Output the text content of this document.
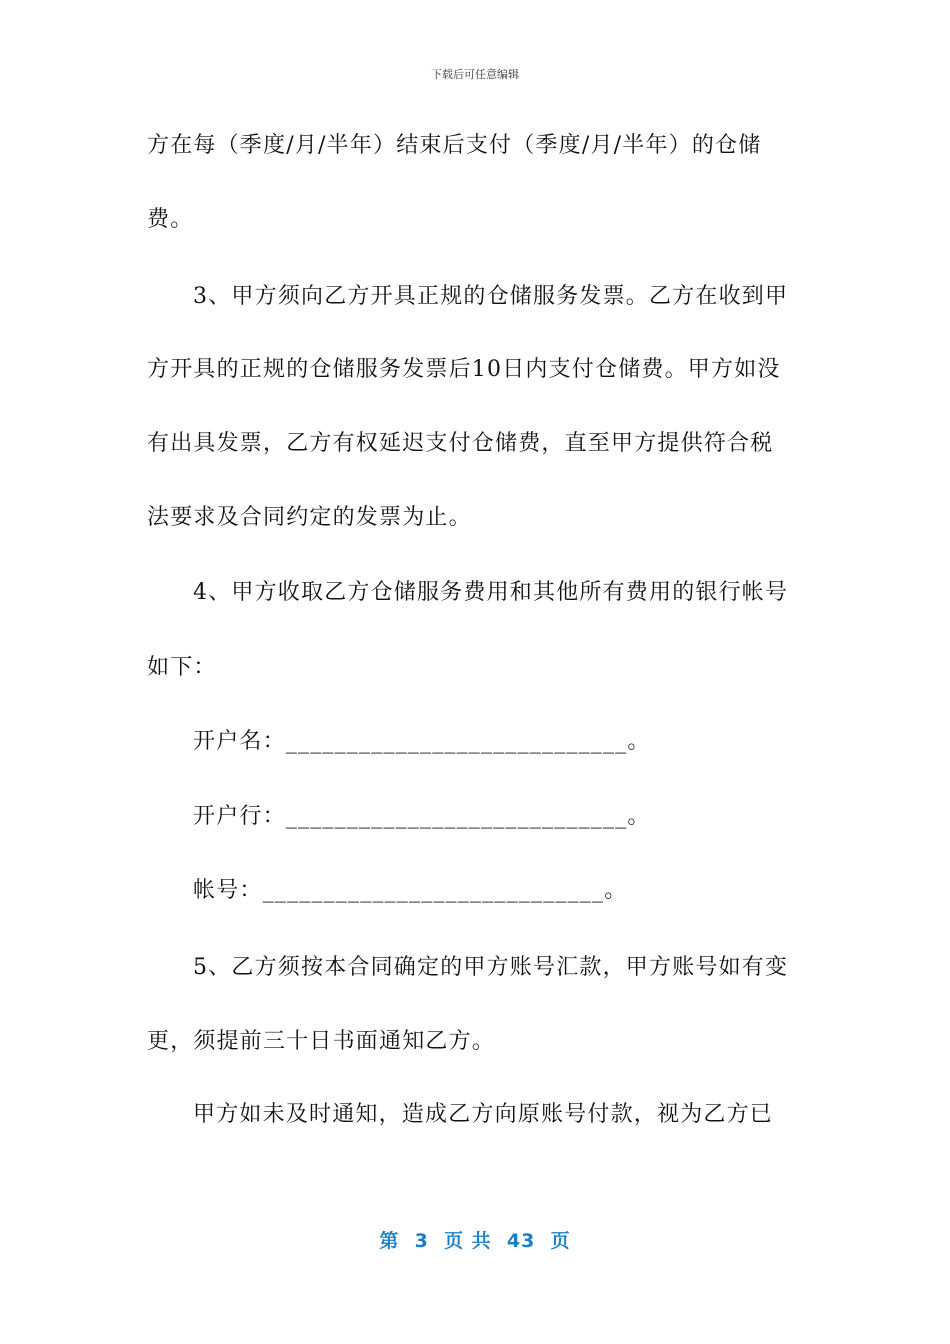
下载后可任意编辑
方在每（季度/月/半年）结束后支付（季度/月/半年）的仓储
费。
3、甲方须向乙方开具正规的仓储服务发票。乙方在收到甲
方开具的正规的仓储服务发票后10日内支付仓储费。甲方如没
有出具发票，乙方有权延迟支付仓储费，直至甲方提供符合税
法要求及合同约定的发票为止。
4、甲方收取乙方仓储服务费用和其他所有费用的银行帐号
如下：
开户名：____________________________。
开户行：____________________________。
帐号：____________________________。
5、乙方须按本合同确定的甲方账号汇款，甲方账号如有变
更，须提前三十日书面通知乙方。
甲方如未及时通知，造成乙方向原账号付款，视为乙方已
第  3  页 共  43  页
